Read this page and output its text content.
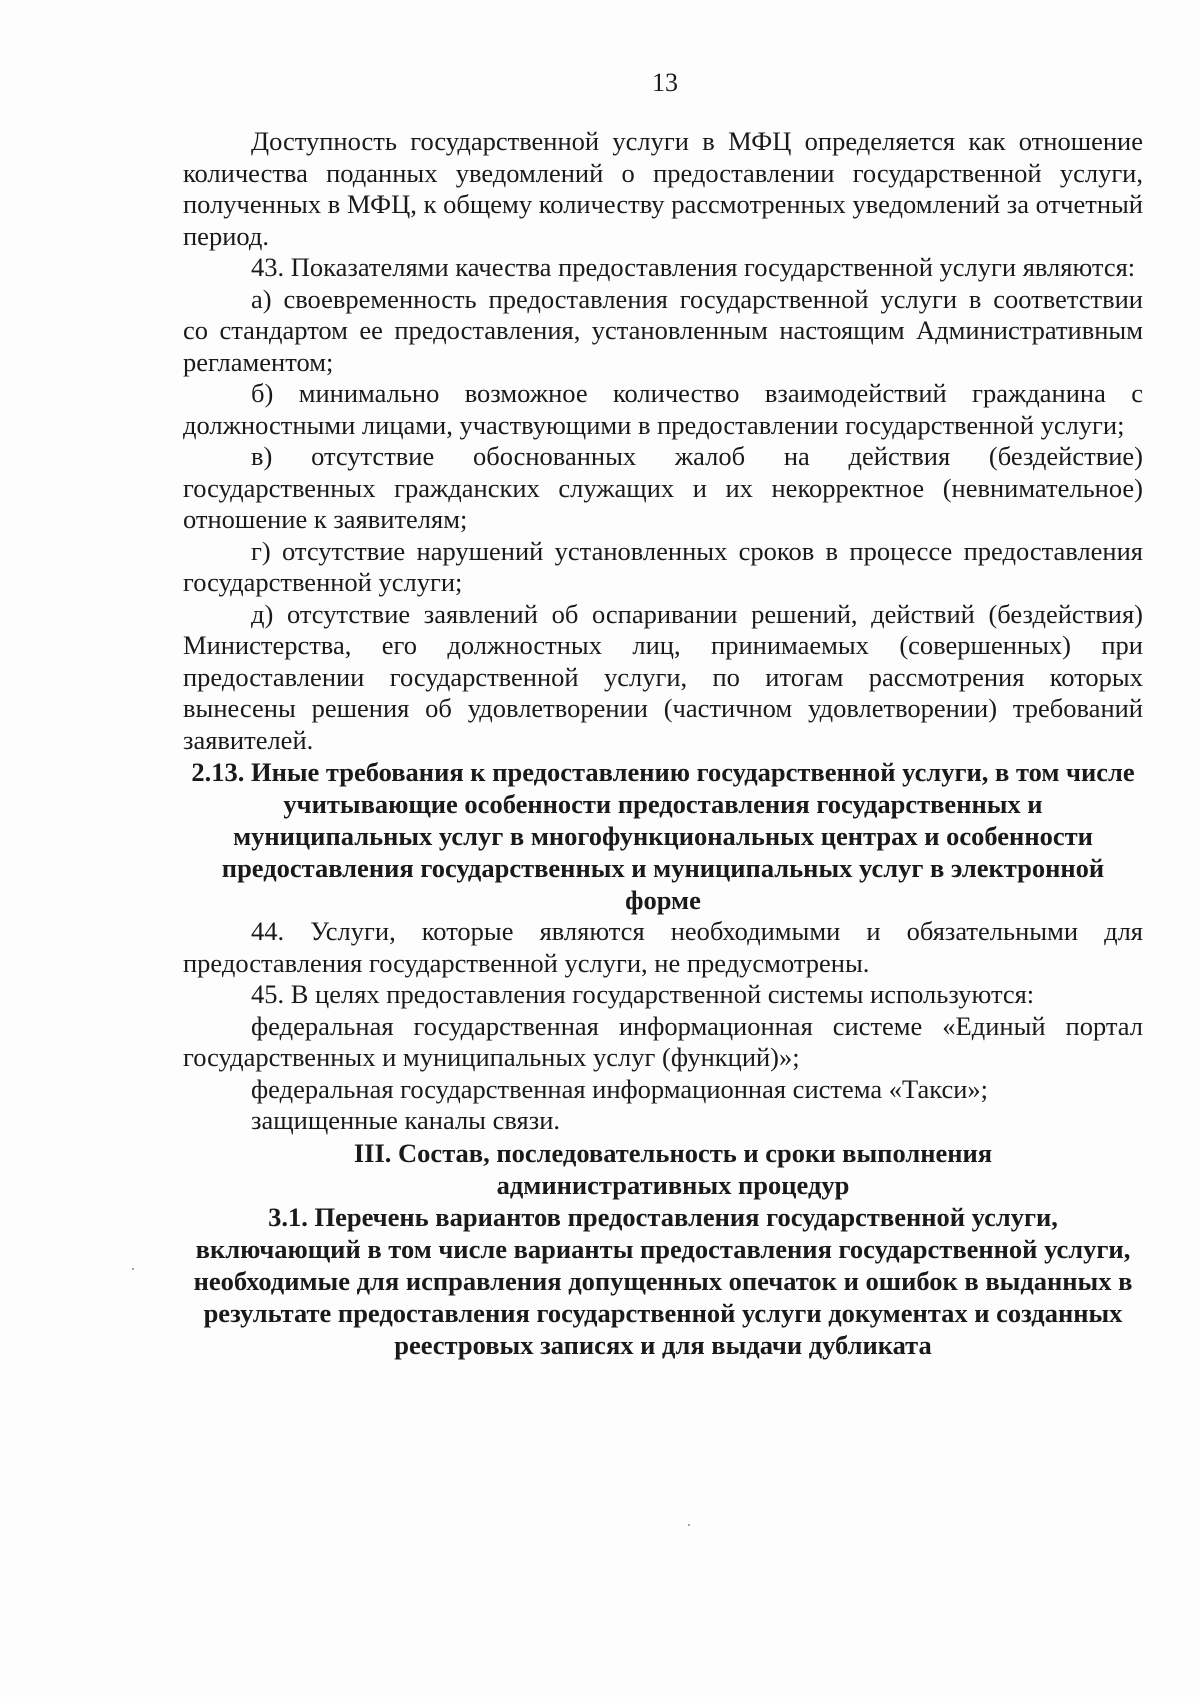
13

Доступность государственной услуги в МФЦ определяется как отношение количества поданных уведомлений о предоставлении государственной услуги, полученных в МФЦ, к общему количеству рассмотренных уведомлений за отчетный период.

43. Показателями качества предоставления государственной услуги являются:

а) своевременность предоставления государственной услуги в соответствии со стандартом ее предоставления, установленным настоящим Административным регламентом;

б) минимально возможное количество взаимодействий гражданина с должностными лицами, участвующими в предоставлении государственной услуги;

в) отсутствие обоснованных жалоб на действия (бездействие) государственных гражданских служащих и их некорректное (невнимательное) отношение к заявителям;

г) отсутствие нарушений установленных сроков в процессе предоставления государственной услуги;

д) отсутствие заявлений об оспаривании решений, действий (бездействия) Министерства, его должностных лиц, принимаемых (совершенных) при предоставлении государственной услуги, по итогам рассмотрения которых вынесены решения об удовлетворении (частичном удовлетворении) требований заявителей.

2.13. Иные требования к предоставлению государственной услуги, в том числе учитывающие особенности предоставления государственных и муниципальных услуг в многофункциональных центрах и особенности предоставления государственных и муниципальных услуг в электронной форме

44. Услуги, которые являются необходимыми и обязательными для предоставления государственной услуги, не предусмотрены.

45. В целях предоставления государственной системы используются:

федеральная государственная информационная системе «Единый портал государственных и муниципальных услуг (функций)»;

федеральная государственная информационная система «Такси»;

защищенные каналы связи.

III. Состав, последовательность и сроки выполнения административных процедур
3.1. Перечень вариантов предоставления государственной услуги, включающий в том числе варианты предоставления государственной услуги, необходимые для исправления допущенных опечаток и ошибок в выданных в результате предоставления государственной услуги документах и созданных реестровых записях и для выдачи дубликата
